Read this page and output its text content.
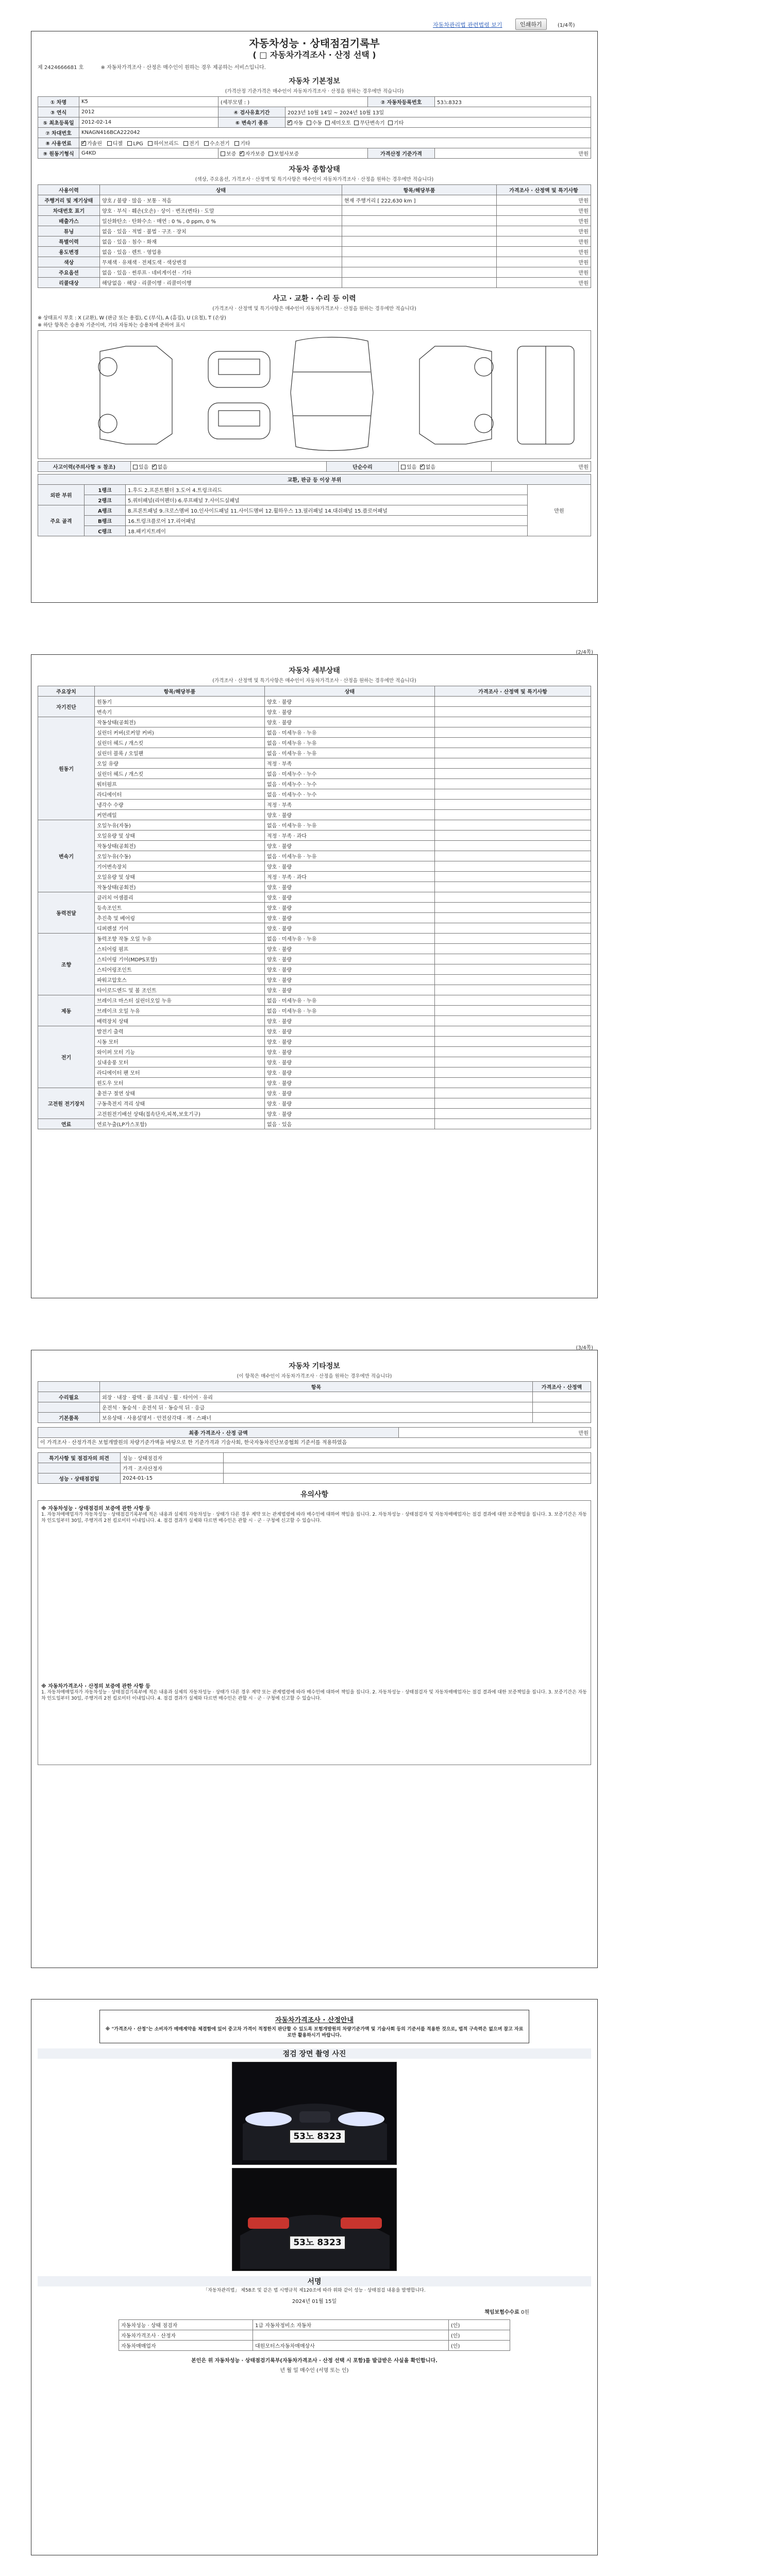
자동차관리법 관련법령 보기	인쇄하기	(1/4쪽)
자동차성능 · 상태점검기록부
( □ 자동차가격조사 · 산정 선택 )
제 2424666681 호	※ 자동차가격조사 · 산정은 매수인이 원하는 경우 제공하는 서비스입니다.
자동차 기본정보
(가격산정 기준가격은 매수인이 자동차가격조사 · 산정을 원하는 경우에만 적습니다)
① 차명	K5	(세부모델 : )		② 자동차등록번호	53노8323
③ 연식	2012	④ 검사유효기간	2023년 10월 14일 ~ 2024년 10월 13일		
⑤ 최초등록일	2012-02-14	⑥ 변속기 종류	✓자동 수동 세미오토 무단변속기 기타
⑦ 차대번호	KNAGN416BCA222042				
⑧ 사용연료	✓가솔린 디젤 LPG 하이브리드 전기 수소전기 기타
⑨ 원동기형식	G4KD	보증 ✓ 자가보증 보험사보증		가격산정 기준가격	만원
자동차 종합상태
(색상, 주요옵션, 가격조사 · 산정액 및 특기사항은 매수인이 자동차가격조사 · 산정을 원하는 경우에만 적습니다)
사용이력	상태	항목/해당부품	가격조사 · 산정액 및 특기사항
주행거리 및 계기상태	양호 / 불량 · 많음 · 보통 · 적음	현재 주행거리 [ 222,630 km ]	만원
차대번호 표기	양호 · 부식 · 훼손(오손) · 상이 · 변조(변타) · 도말		만원
배출가스	일산화탄소 · 탄화수소 · 매연 : 0 % , 0 ppm, 0 %		만원
튜닝	없음 · 있음 · 적법 · 불법 · 구조 · 장치		만원
특별이력	없음 · 있음 · 침수 · 화재		만원
용도변경	없음 · 있음 · 렌트 · 영업용		만원
색상	무채색 · 유채색 · 전체도색 · 색상변경		만원
주요옵션	없음 · 있음 · 썬루프 · 네비게이션 · 기타		만원
리콜대상	해당없음 · 해당 · 리콜이행 · 리콜미이행		만원
사고 · 교환 · 수리 등 이력
(가격조사 · 산정액 및 특기사항은 매수인이 자동차가격조사 · 산정을 원하는 경우에만 적습니다)
※ 상태표시 부호 : X (교환), W (판금 또는 용접), C (부식), A (흠집), U (요철), T (손상)
※ 하단 항목은 승용차 기준이며, 기타 자동차는 승용차에 준하여 표시
사고이력(주의사항 ⑤ 참조)	있음 ✓ 없음	단순수리	있음 ✓ 없음	만원
교환, 판금 등 이상 부위			
외판 부위	1랭크	1.후드 2.프론트휀더 3.도어 4.트렁크리드	만원
	2랭크	5.쿼터패널(리어펜더) 6.루프패널 7.사이드실패널	
주요 골격	A랭크	8.프론트패널 9.크로스멤버 10.인사이드패널 11.사이드멤버 12.휠하우스 13.필러패널 14.대쉬패널 15.플로어패널	
	B랭크	16.트렁크플로어 17.리어패널	
	C랭크	18.패키지트레이	
(2/4쪽)
자동차 세부상태
(가격조사 · 산정액 및 특기사항은 매수인이 자동차가격조사 · 산정을 원하는 경우에만 적습니다)
주요장치	항목/해당부품	상태	가격조사 · 산정액 및 특기사항
자기진단	원동기	양호 · 불량	
	변속기	양호 · 불량	
원동기	작동상태(공회전)	양호 · 불량	
	실린더 커버(로커암 커버)	없음 · 미세누유 · 누유	
	실린더 헤드 / 개스킷	없음 · 미세누유 · 누유	
	실린더 블록 / 오일팬	없음 · 미세누유 · 누유	
	오일 유량	적정 · 부족	
	실린더 헤드 / 개스킷	없음 · 미세누수 · 누수	
	워터펌프	없음 · 미세누수 · 누수	
	라디에이터	없음 · 미세누수 · 누수	
	냉각수 수량	적정 · 부족	
	커먼레일	양호 · 불량	
변속기	오일누유(자동)	없음 · 미세누유 · 누유	
	오일유량 및 상태	적정 · 부족 · 과다	
	작동상태(공회전)	양호 · 불량	
	오일누유(수동)	없음 · 미세누유 · 누유	
	기어변속장치	양호 · 불량	
	오일유량 및 상태	적정 · 부족 · 과다	
	작동상태(공회전)	양호 · 불량	
동력전달	클러치 어셈블리	양호 · 불량	
	등속조인트	양호 · 불량	
	추진축 및 베어링	양호 · 불량	
	디퍼렌셜 기어	양호 · 불량	
조향	동력조향 작동 오일 누유	없음 · 미세누유 · 누유	
	스티어링 펌프	양호 · 불량	
	스티어링 기어(MDPS포함)	양호 · 불량	
	스티어링조인트	양호 · 불량	
	파워고압호스	양호 · 불량	
	타이로드엔드 및 볼 조인트	양호 · 불량	
제동	브레이크 마스터 실린더오일 누유	없음 · 미세누유 · 누유	
	브레이크 오일 누유	없음 · 미세누유 · 누유	
	배력장치 상태	양호 · 불량	
전기	발전기 출력	양호 · 불량	
	시동 모터	양호 · 불량	
	와이퍼 모터 기능	양호 · 불량	
	실내송풍 모터	양호 · 불량	
	라디에이터 팬 모터	양호 · 불량	
	윈도우 모터	양호 · 불량	
고전원 전기장치	충전구 절연 상태	양호 · 불량	
	구동축전지 격리 상태	양호 · 불량	
	고전원전기배선 상태(접속단자,피복,보호기구)	양호 · 불량	
연료	연료누출(LP가스포함)	없음 · 있음	
(3/4쪽)
자동차 기타정보
(이 항목은 매수인이 자동차가격조사 · 산정을 원하는 경우에만 적습니다)
	항목	가격조사 · 산정액
수리필요	외장 · 내장 · 광택 · 룸 크리닝 · 휠 · 타이어 · 유리	
	운전석 · 동승석 · 운전석 뒤 · 동승석 뒤 · 응급	
기본품목	보유상태 · 사용설명서 · 안전삼각대 · 잭 · 스패너	
최종 가격조사 · 산정 금액	만원
이 가격조사 · 산정가격은 보험개발원의 차량기준가액을 바탕으로 한 기준가격과 기술사회, 한국자동차진단보증협회 기준서를 적용하였음
특기사항 및 점검자의 의견	성능 · 상태점검자	
	가격 · 조사산정자	
성능 · 상태점검일	2024-01-15	
유의사항
※ 자동차성능 · 상태점검의 보증에 관한 사항 등
1. 자동차매매업자가 자동차성능 · 상태점검기록부에 적은 내용과 실제의 자동차성능 · 상태가 다른 경우 계약 또는 관계법령에 따라 매수인에 대하여 책임을 집니다. 2. 자동차성능 · 상태점검자 및 자동차매매업자는 점검 결과에 대한 보증책임을 집니다. 3. 보증기간은 자동차 인도일부터 30일, 주행거리 2천 킬로미터 이내입니다. 4. 점검 결과가 실제와 다르면 매수인은 관할 시 · 군 · 구청에 신고할 수 있습니다.
※ 자동차가격조사 · 산정의 보증에 관한 사항 등
1. 자동차매매업자가 자동차성능 · 상태점검기록부에 적은 내용과 실제의 자동차성능 · 상태가 다른 경우 계약 또는 관계법령에 따라 매수인에 대하여 책임을 집니다. 2. 자동차성능 · 상태점검자 및 자동차매매업자는 점검 결과에 대한 보증책임을 집니다. 3. 보증기간은 자동차 인도일부터 30일, 주행거리 2천 킬로미터 이내입니다. 4. 점검 결과가 실제와 다르면 매수인은 관할 시 · 군 · 구청에 신고할 수 있습니다.
자동차가격조사 · 산정안내
※ "가격조사 · 산정"는 소비자가 매매계약을 체결함에 있어 중고차 가격이 적정한지 판단할 수 있도록 보험개발원의 차량기준가액 및 기술사회 등의 기준서를 적용한 것으로, 법적 구속력은 없으며 참고 자료로만 활용하시기 바랍니다.
점검 장면 촬영 사진
53노 8323
53노 8323
서명
「자동차관리법」 제58조 및 같은 법 시행규칙 제120조에 따라 위와 같이 성능 · 상태점검 내용을 발행합니다.
2024년 01월 15일
책임보험수수료 0원
자동차성능 · 상태 점검자	1급 자동차정비소 자동차	(인)
자동차가격조사 · 산정자		(인)
자동차매매업자	대원모터스자동차매매상사	(인)
본인은 위 자동차성능 · 상태점검기록부(자동차가격조사 · 산정 선택 시 포함)를 발급받은 사실을 확인합니다.
년 월 일 매수인 (서명 또는 인)
